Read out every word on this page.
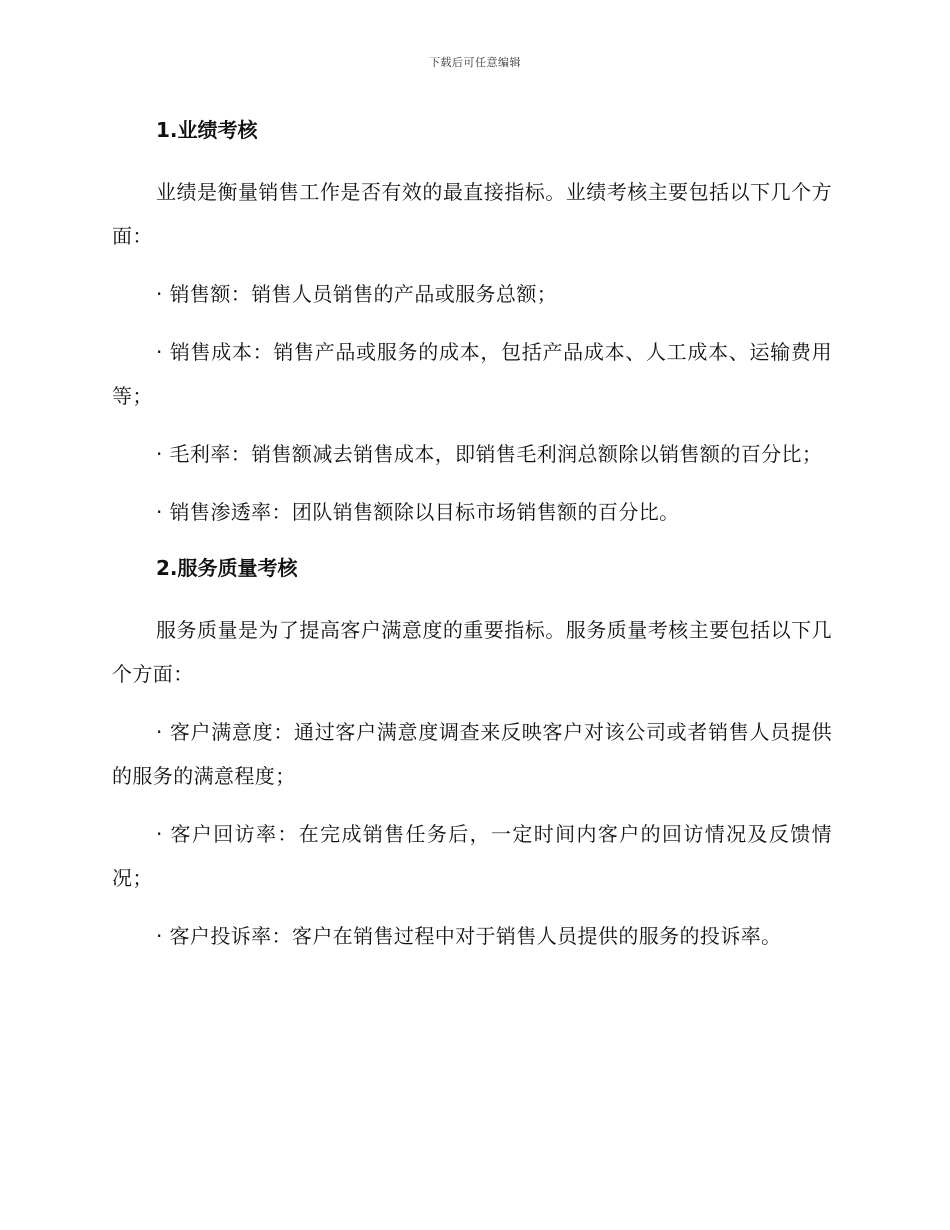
下载后可任意编辑
1.业绩考核

业绩是衡量销售工作是否有效的最直接指标。业绩考核主要包括以下几个方面：

· 销售额：销售人员销售的产品或服务总额；

· 销售成本：销售产品或服务的成本，包括产品成本、人工成本、运输费用等；

· 毛利率：销售额减去销售成本，即销售毛利润总额除以销售额的百分比；

· 销售渗透率：团队销售额除以目标市场销售额的百分比。

2.服务质量考核

服务质量是为了提高客户满意度的重要指标。服务质量考核主要包括以下几个方面：

· 客户满意度：通过客户满意度调查来反映客户对该公司或者销售人员提供的服务的满意程度；

· 客户回访率：在完成销售任务后，一定时间内客户的回访情况及反馈情况；

· 客户投诉率：客户在销售过程中对于销售人员提供的服务的投诉率。
